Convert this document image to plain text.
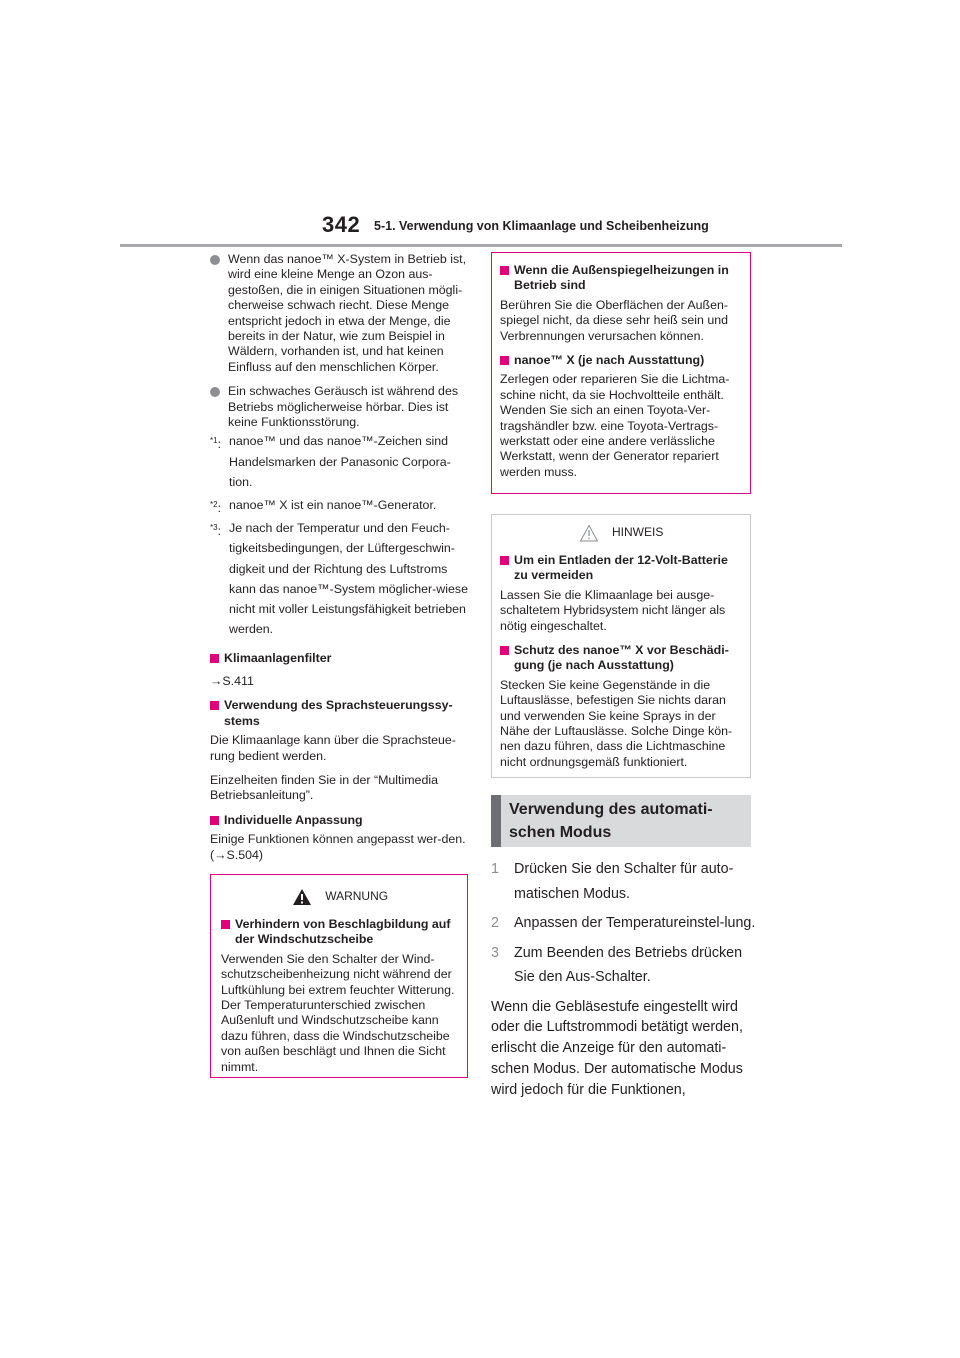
342 5-1. Verwendung von Klimaanlage und Scheibenheizung
Wenn das nanoe™ X-System in Betrieb ist, wird eine kleine Menge an Ozon aus-gestoßen, die in einigen Situationen mögli-cherweise schwach riecht. Diese Menge entspricht jedoch in etwa der Menge, die bereits in der Natur, wie zum Beispiel in Wäldern, vorhanden ist, und hat keinen Einfluss auf den menschlichen Körper.
Ein schwaches Geräusch ist während des Betriebs möglicherweise hörbar. Dies ist keine Funktionsstörung.
$^{*1}$: nanoe™ und das nanoe™-Zeichen sind Handelsmarken der Panasonic Corpora-tion.
$^{*2}$: nanoe™ X ist ein nanoe™-Generator.
$^{*3}$: Je nach der Temperatur und den Feuch-tigkeitsbedingungen, der Lüftergeschwin-digkeit und der Richtung des Luftstroms kann das nanoe™-System möglicher-wiese nicht mit voller Leistungsfähigkeit betrieben werden.
Klimaanlagenfilter

→S.411

Verwendung des Sprachsteuerungssy-stems

Die Klimaanlage kann über die Sprachsteue-rung bedient werden.

Einzelheiten finden Sie in der “Multimedia Betriebsanleitung”.

Individuelle Anpassung

Einige Funktionen können angepasst wer-den. (→S.504)

WARNUNG
Verhindern von Beschlagbildung auf der Windschutzscheibe

Verwenden Sie den Schalter der Wind-schutzscheibenheizung nicht während der Luftkühlung bei extrem feuchter Witterung. Der Temperaturunterschied zwischen Außenluft und Windschutzscheibe kann dazu führen, dass die Windschutzscheibe von außen beschlägt und Ihnen die Sicht nimmt.

Wenn die Außenspiegelheizungen in Betrieb sind

Berühren Sie die Oberflächen der Außen-spiegel nicht, da diese sehr heiß sein und Verbrennungen verursachen können.

nanoe™ X (je nach Ausstattung)

Zerlegen oder reparieren Sie die Lichtma-schine nicht, da sie Hochvoltteile enthält. Wenden Sie sich an einen Toyota-Ver-tragshändler bzw. eine Toyota-Vertrags-werkstatt oder eine andere verlässliche Werkstatt, wenn der Generator repariert werden muss.

HINWEIS
Um ein Entladen der 12-Volt-Batterie zu vermeiden

Lassen Sie die Klimaanlage bei ausge-schaltetem Hybridsystem nicht länger als nötig eingeschaltet.

Schutz des nanoe™ X vor Beschädi-gung (je nach Ausstattung)

Stecken Sie keine Gegenstände in die Luftauslässe, befestigen Sie nichts daran und verwenden Sie keine Sprays in der Nähe der Luftauslässe. Solche Dinge kön-nen dazu führen, dass die Lichtmaschine nicht ordnungsgemäß funktioniert.

Verwendung des automati-schen Modus
1 Drücken Sie den Schalter für auto-matischen Modus.
2 Anpassen der Temperatureinstel-lung.
3 Zum Beenden des Betriebs drücken Sie den Aus-Schalter.

Wenn die Gebläsestufe eingestellt wird oder die Luftstrommodi betätigt werden, erlischt die Anzeige für den automati-schen Modus. Der automatische Modus wird jedoch für die Funktionen,
